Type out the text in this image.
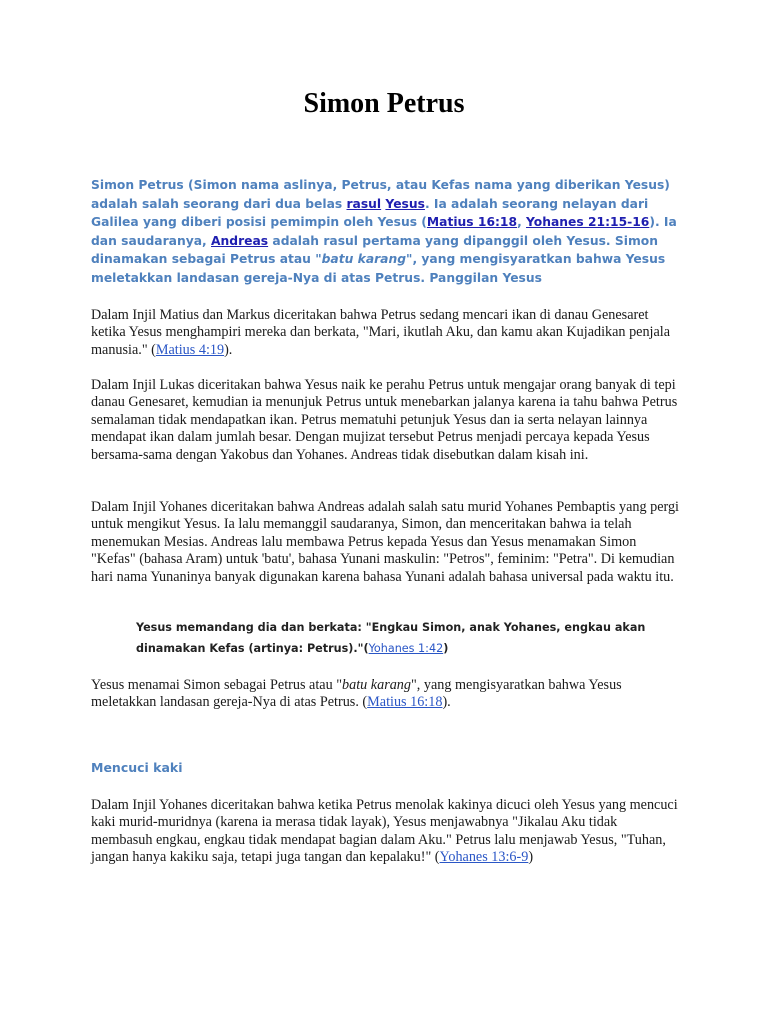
Simon Petrus
Simon Petrus (Simon nama aslinya, Petrus, atau Kefas nama yang diberikan Yesus) adalah salah seorang dari dua belas rasul Yesus. Ia adalah seorang nelayan dari Galilea yang diberi posisi pemimpin oleh Yesus (Matius 16:18, Yohanes 21:15-16). Ia dan saudaranya, Andreas adalah rasul pertama yang dipanggil oleh Yesus. Simon dinamakan sebagai Petrus atau "batu karang", yang mengisyaratkan bahwa Yesus meletakkan landasan gereja-Nya di atas Petrus. Panggilan Yesus
Dalam Injil Matius dan Markus diceritakan bahwa Petrus sedang mencari ikan di danau Genesaret ketika Yesus menghampiri mereka dan berkata, "Mari, ikutlah Aku, dan kamu akan Kujadikan penjala manusia." (Matius 4:19).
Dalam Injil Lukas diceritakan bahwa Yesus naik ke perahu Petrus untuk mengajar orang banyak di tepi danau Genesaret, kemudian ia menunjuk Petrus untuk menebarkan jalanya karena ia tahu bahwa Petrus semalaman tidak mendapatkan ikan. Petrus mematuhi petunjuk Yesus dan ia serta nelayan lainnya mendapat ikan dalam jumlah besar. Dengan mujizat tersebut Petrus menjadi percaya kepada Yesus bersama-sama dengan Yakobus dan Yohanes. Andreas tidak disebutkan dalam kisah ini.
Dalam Injil Yohanes diceritakan bahwa Andreas adalah salah satu murid Yohanes Pembaptis yang pergi untuk mengikut Yesus. Ia lalu memanggil saudaranya, Simon, dan menceritakan bahwa ia telah menemukan Mesias. Andreas lalu membawa Petrus kepada Yesus dan Yesus menamakan Simon "Kefas" (bahasa Aram) untuk 'batu', bahasa Yunani maskulin: "Petros", feminim: "Petra". Di kemudian hari nama Yunaninya banyak digunakan karena bahasa Yunani adalah bahasa universal pada waktu itu.
Yesus memandang dia dan berkata: "Engkau Simon, anak Yohanes, engkau akan dinamakan Kefas (artinya: Petrus)."(Yohanes 1:42)
Yesus menamai Simon sebagai Petrus atau "batu karang", yang mengisyaratkan bahwa Yesus meletakkan landasan gereja-Nya di atas Petrus. (Matius 16:18).
Mencuci kaki
Dalam Injil Yohanes diceritakan bahwa ketika Petrus menolak kakinya dicuci oleh Yesus yang mencuci kaki murid-muridnya (karena ia merasa tidak layak), Yesus menjawabnya "Jikalau Aku tidak membasuh engkau, engkau tidak mendapat bagian dalam Aku." Petrus lalu menjawab Yesus, "Tuhan, jangan hanya kakiku saja, tetapi juga tangan dan kepalaku!" (Yohanes 13:6-9)
